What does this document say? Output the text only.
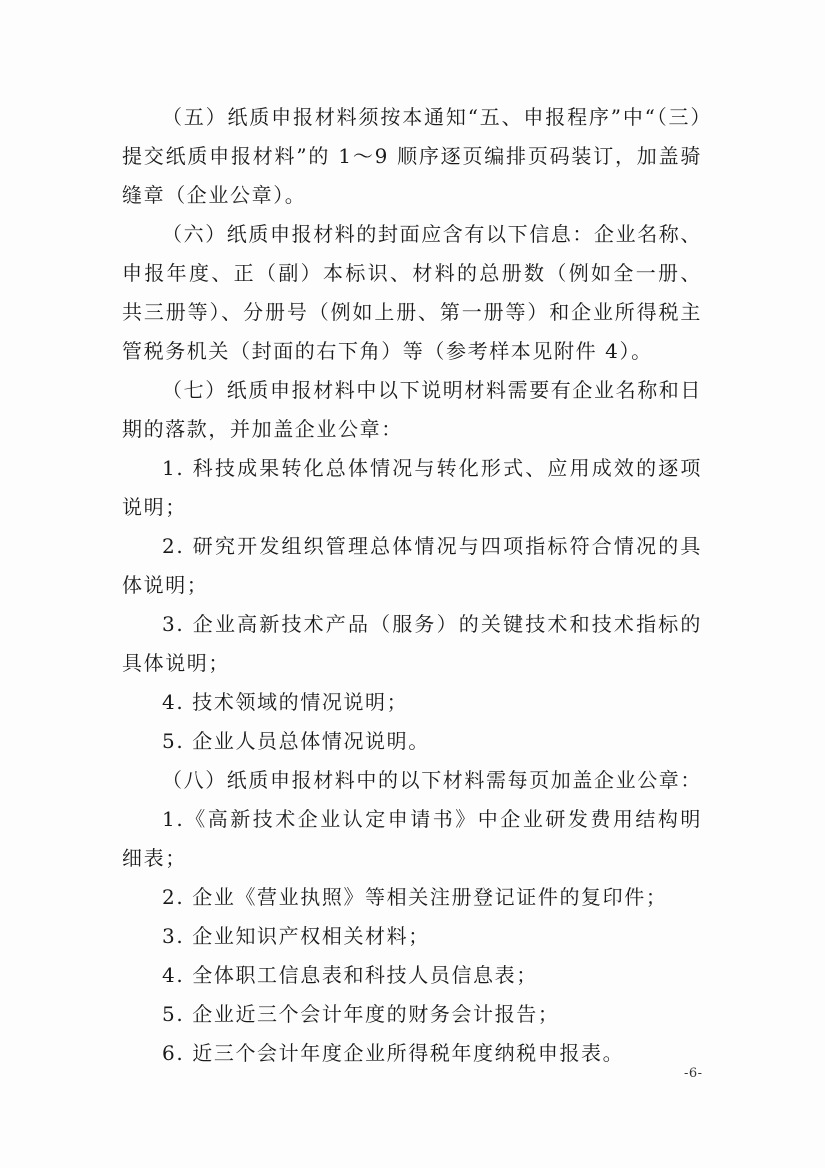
（五）纸质申报材料须按本通知“五、申报程序”中“（三）提交纸质申报材料”的 1～9 顺序逐页编排页码装订，加盖骑缝章（企业公章）。

（六）纸质申报材料的封面应含有以下信息：企业名称、申报年度、正（副）本标识、材料的总册数（例如全一册、共三册等）、分册号（例如上册、第一册等）和企业所得税主管税务机关（封面的右下角）等（参考样本见附件 4）。

（七）纸质申报材料中以下说明材料需要有企业名称和日期的落款，并加盖企业公章：

1. 科技成果转化总体情况与转化形式、应用成效的逐项说明；

2. 研究开发组织管理总体情况与四项指标符合情况的具体说明；

3. 企业高新技术产品（服务）的关键技术和技术指标的具体说明；

4. 技术领域的情况说明；

5. 企业人员总体情况说明。

（八）纸质申报材料中的以下材料需每页加盖企业公章：

1.《高新技术企业认定申请书》中企业研发费用结构明细表；

2. 企业《营业执照》等相关注册登记证件的复印件；

3. 企业知识产权相关材料；

4. 全体职工信息表和科技人员信息表；

5. 企业近三个会计年度的财务会计报告；

6. 近三个会计年度企业所得税年度纳税申报表。

-6-
